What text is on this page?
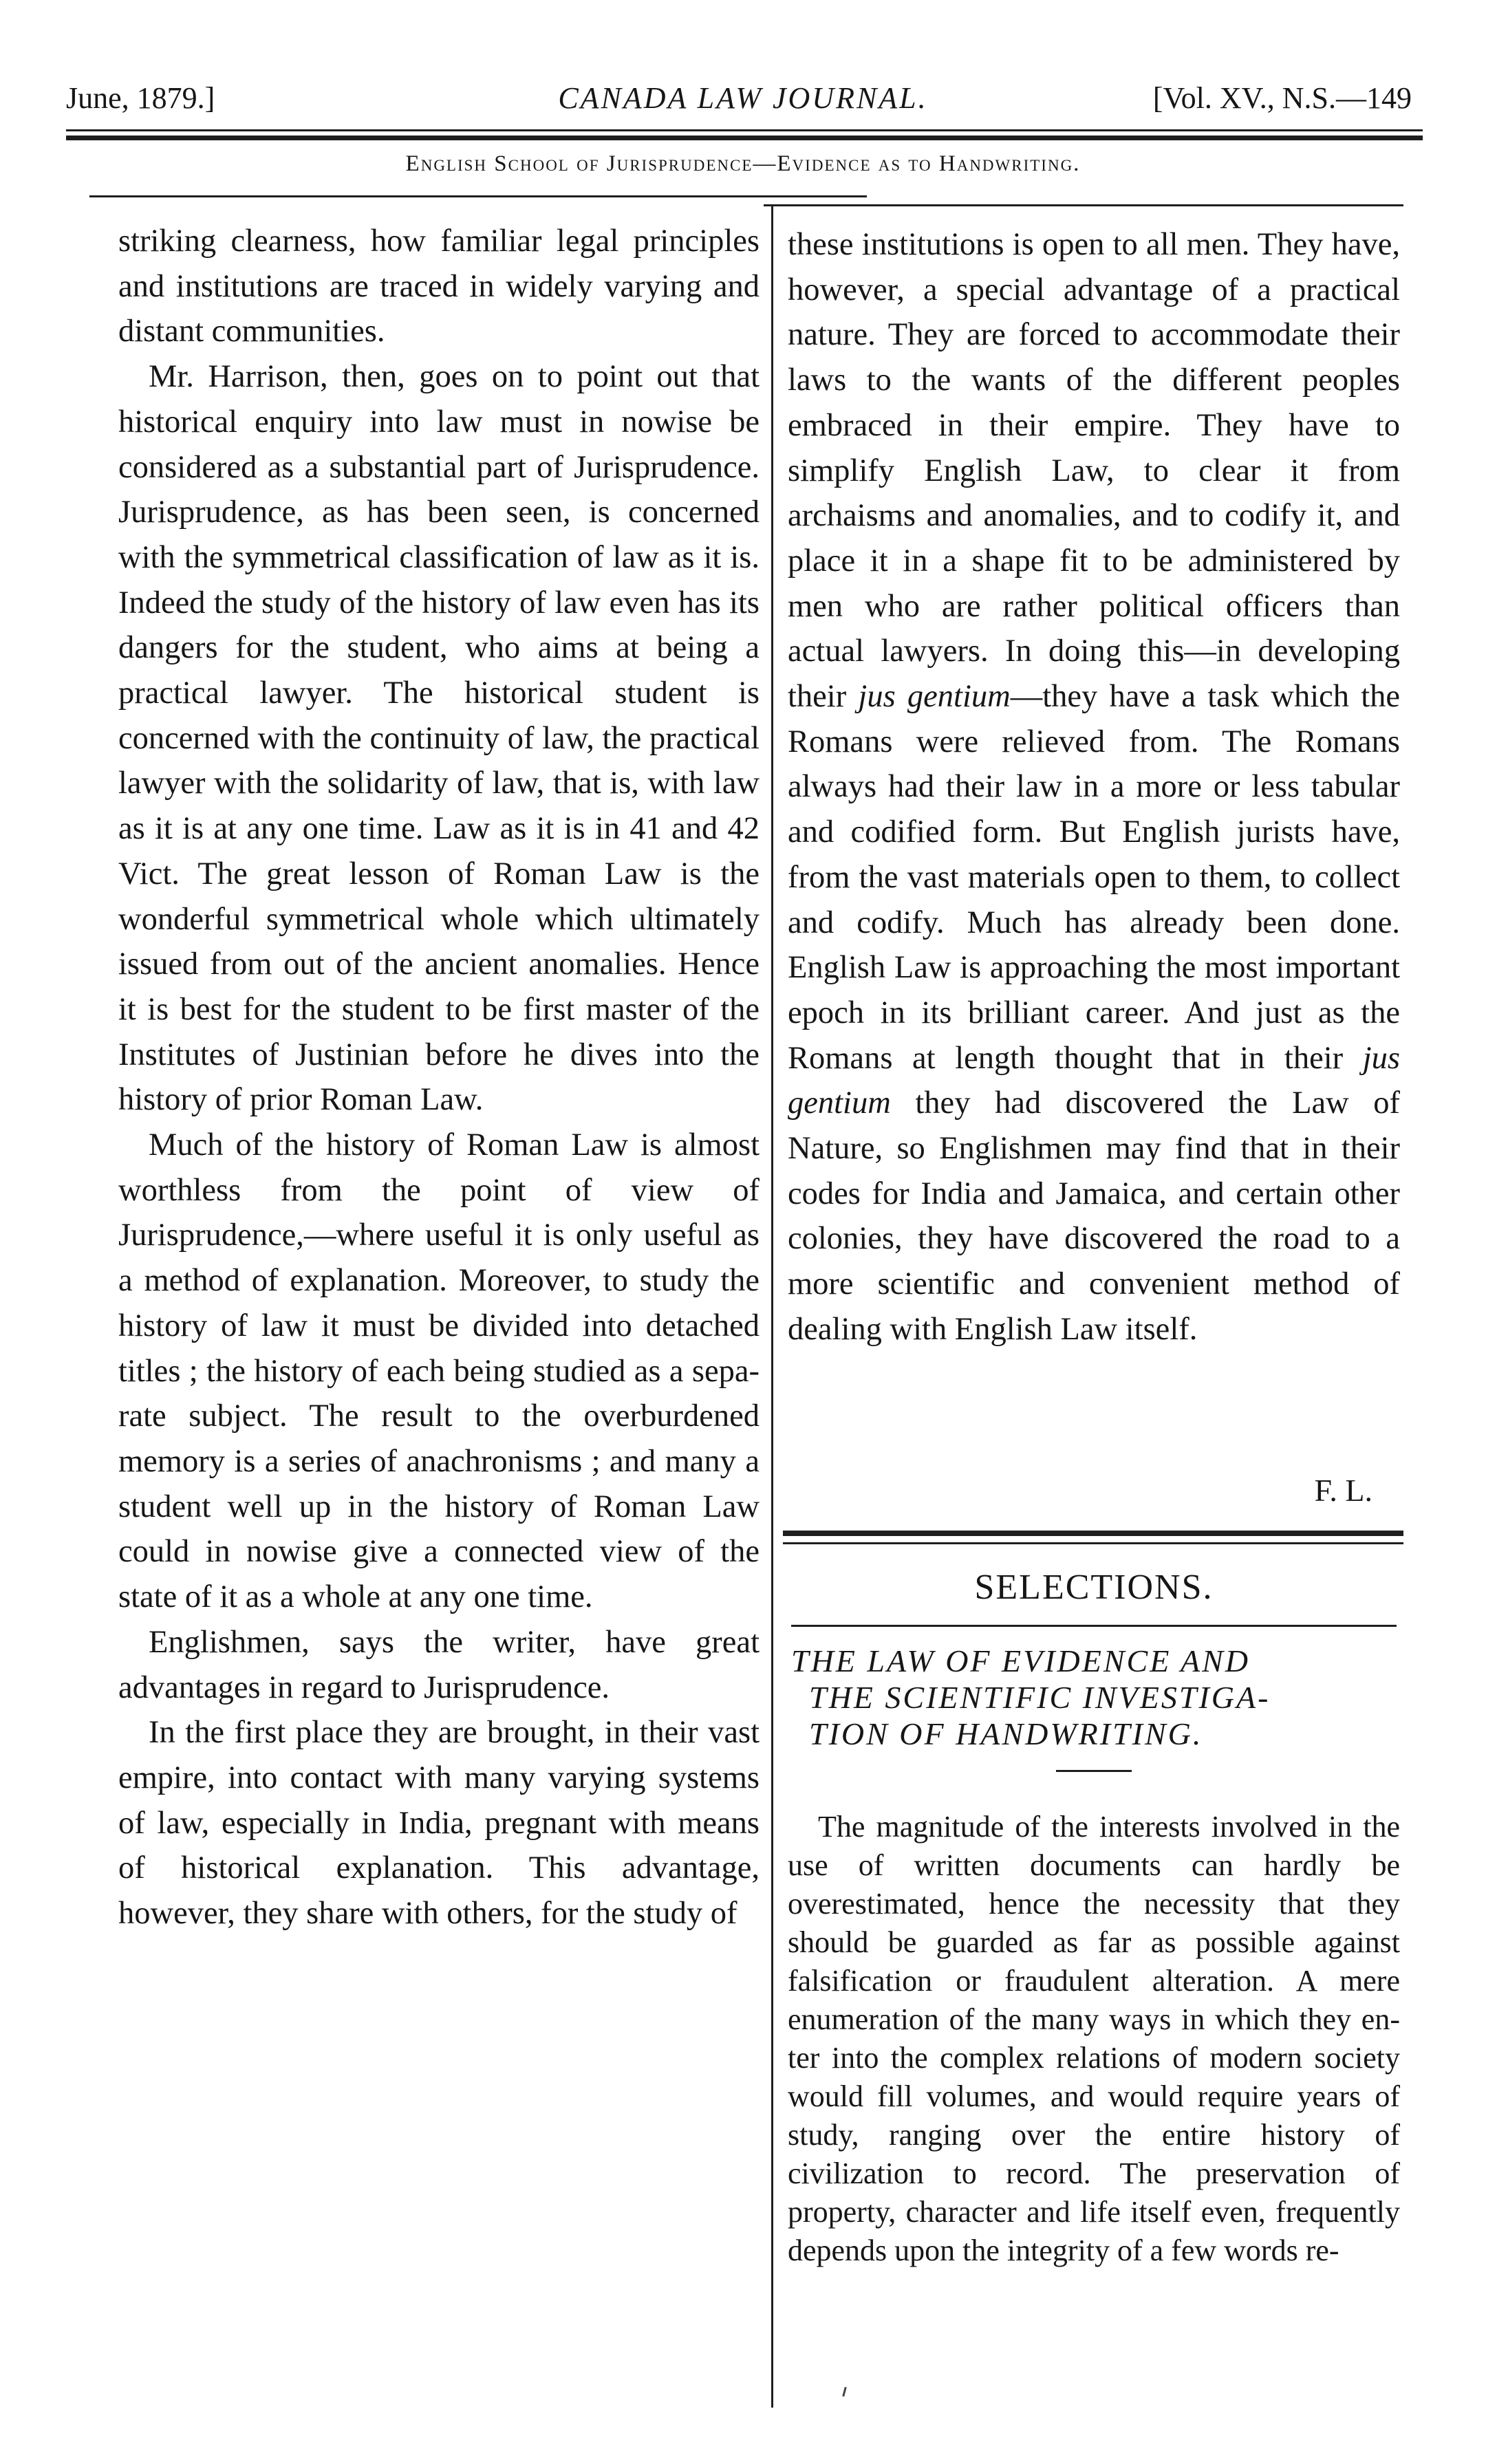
June, 1879.]	CANADA LAW JOURNAL.	[Vol. XV., N.S.—149
English School of Jurisprudence—Evidence as to Handwriting.

striking clearness, how familiar legal principles and institutions are traced in widely varying and distant communities.

Mr. Harrison, then, goes on to point out that historical enquiry into law must in nowise be considered as a substantial part of Jurisprudence. Jurisprudence, as has been seen, is concerned with the symmetrical classification of law as it is. Indeed the study of the history of law even has its dangers for the student, who aims at being a practical lawyer. The historical student is concerned with the continuity of law, the practical lawyer with the solidarity of law, that is, with law as it is at any one time. Law as it is in 41 and 42 Vict. The great lesson of Roman Law is the wonderful symmetrical whole which ultimately issued from out of the ancient anomalies. Hence it is best for the student to be first master of the Institutes of Justinian before he dives into the history of prior Roman Law.

Much of the history of Roman Law is almost worthless from the point of view of Jurisprudence,—where useful it is only useful as a method of explanation. Moreover, to study the history of law it must be divided into detached titles ; the history of each being studied as a separate subject. The result to the overburdened memory is a series of anachronisms ; and many a student well up in the history of Roman Law could in nowise give a connected view of the state of it as a whole at any one time.

Englishmen, says the writer, have great advantages in regard to Jurisprudence.

In the first place they are brought, in their vast empire, into contact with many varying systems of law, especially in India, pregnant with means of historical explanation. This advantage, however, they share with others, for the study of

these institutions is open to all men. They have, however, a special advantage of a practical nature. They are forced to accommodate their laws to the wants of the different peoples embraced in their empire. They have to simplify English Law, to clear it from archaisms and anomalies, and to codify it, and place it in a shape fit to be administered by men who are rather political officers than actual lawyers. In doing this—in developing their jus gentium—they have a task which the Romans were relieved from. The Romans always had their law in a more or less tabular and codified form. But English jurists have, from the vast materials open to them, to collect and codify. Much has already been done. English Law is approaching the most important epoch in its brilliant career. And just as the Romans at length thought that in their jus gentium they had discovered the Law of Nature, so Englishmen may find that in their codes for India and Jamaica, and certain other colonies, they have discovered the road to a more scientific and convenient method of dealing with English Law itself.

F. L.
SELECTIONS.
THE LAW OF EVIDENCE AND
THE SCIENTIFIC INVESTIGA-
TION OF HANDWRITING.

The magnitude of the interests involved in the use of written documents can hardly be overestimated, hence the necessity that they should be guarded as far as possible against falsification or fraudulent alteration. A mere enumeration of the many ways in which they enter into the complex relations of modern society would fill volumes, and would require years of study, ranging over the entire history of civilization to record. The preservation of property, character and life itself even, frequently depends upon the integrity of a few words re-
